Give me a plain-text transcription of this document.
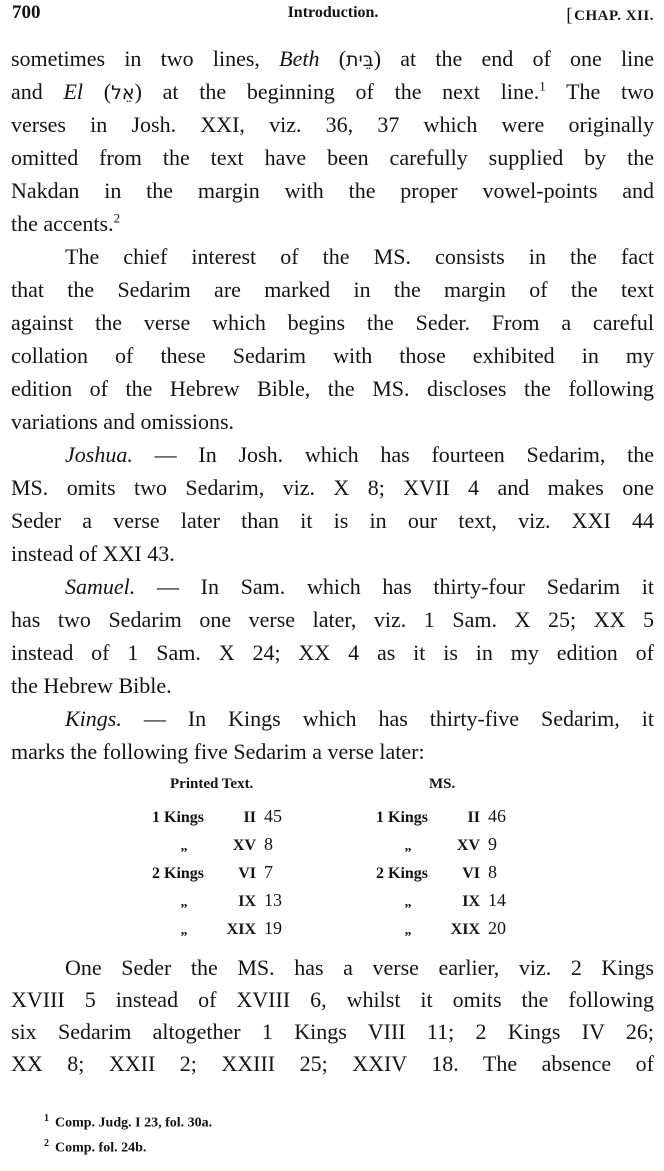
700	Introduction.	[CHAP. XII.
sometimes in two lines, Beth (בֵּית) at the end of one line
and El (אֵל) at the beginning of the next line.$^1$ The two
verses in Josh. XXI, viz. 36, 37 which were originally
omitted from the text have been carefully supplied by the
Nakdan in the margin with the proper vowel-points and
the accents.$^2$
The chief interest of the MS. consists in the fact
that the Sedarim are marked in the margin of the text
against the verse which begins the Seder. From a careful
collation of these Sedarim with those exhibited in my
edition of the Hebrew Bible, the MS. discloses the following
variations and omissions.
Joshua. — In Josh. which has fourteen Sedarim, the
MS. omits two Sedarim, viz. X 8; XVII 4 and makes one
Seder a verse later than it is in our text, viz. XXI 44
instead of XXI 43.
Samuel. — In Sam. which has thirty-four Sedarim it
has two Sedarim one verse later, viz. 1 Sam. X 25; XX 5
instead of 1 Sam. X 24; XX 4 as it is in my edition of
the Hebrew Bible.
Kings. — In Kings which has thirty-five Sedarim, it
marks the following five Sedarim a verse later:
Printed Text.	MS.
1 Kings II 45	1 Kings II 46
„	XV 8	„	XV 9
2 Kings VI 7	2 Kings VI 8
„	IX 13	„	IX 14
„ XIX 19	„ XIX 20
One Seder the MS. has a verse earlier, viz. 2 Kings
XVIII 5 instead of XVIII 6, whilst it omits the following
six Sedarim altogether 1 Kings VIII 11; 2 Kings IV 26;
XX 8; XXII 2; XXIII 25; XXIV 18. The absence of
$^1$ Comp. Judg. I 23, fol. 30a.
$^2$ Comp. fol. 24b.
